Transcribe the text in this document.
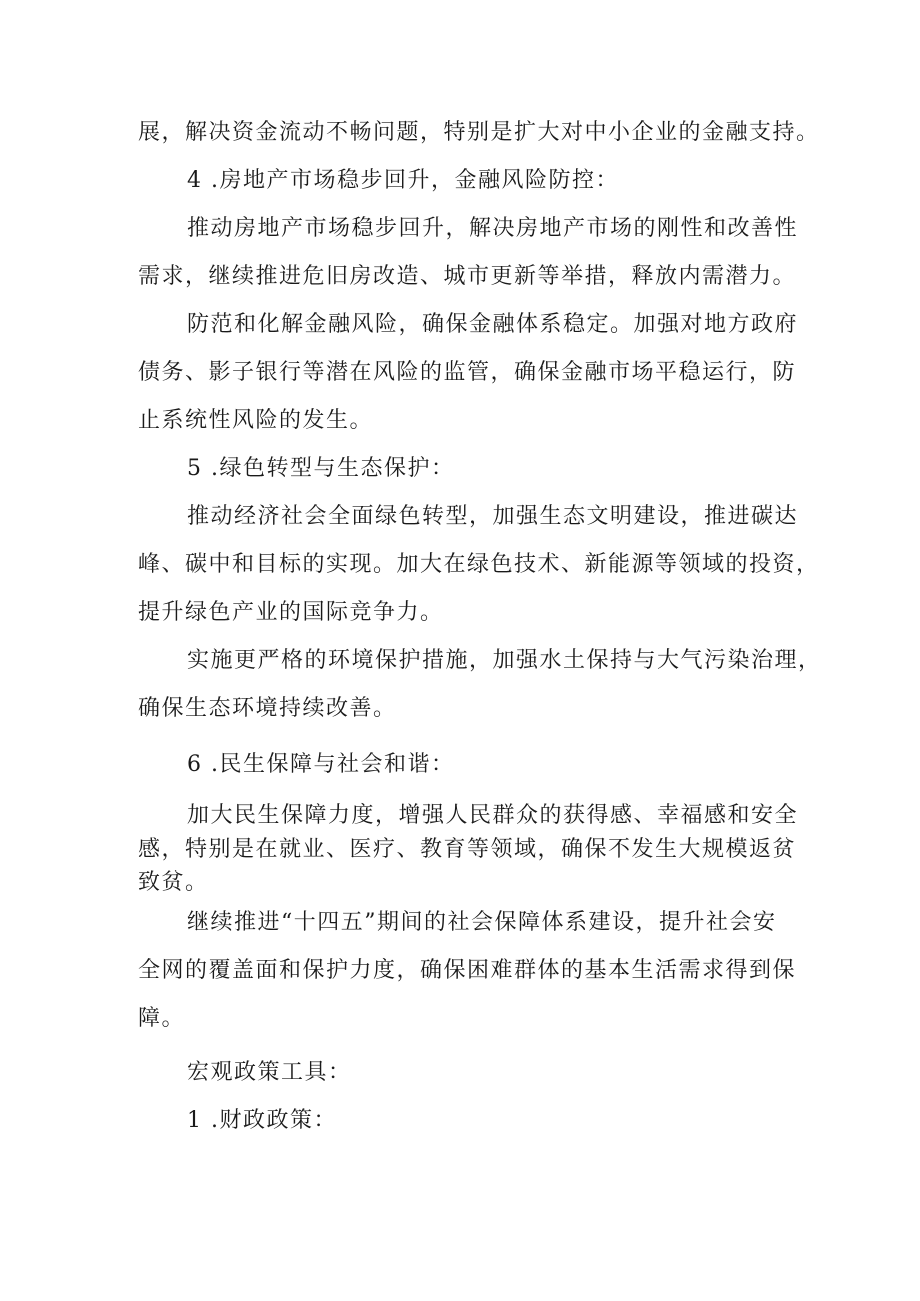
展，解决资金流动不畅问题，特别是扩大对中小企业的金融支持。
4 .房地产市场稳步回升，金融风险防控：
推动房地产市场稳步回升，解决房地产市场的刚性和改善性
需求，继续推进危旧房改造、城市更新等举措，释放内需潜力。
防范和化解金融风险，确保金融体系稳定。加强对地方政府
债务、影子银行等潜在风险的监管，确保金融市场平稳运行，防
止系统性风险的发生。
5 .绿色转型与生态保护：
推动经济社会全面绿色转型，加强生态文明建设，推进碳达
峰、碳中和目标的实现。加大在绿色技术、新能源等领域的投资，
提升绿色产业的国际竞争力。
实施更严格的环境保护措施，加强水土保持与大气污染治理，
确保生态环境持续改善。
6 .民生保障与社会和谐：
加大民生保障力度，增强人民群众的获得感、幸福感和安全
感，特别是在就业、医疗、教育等领域，确保不发生大规模返贫
致贫。
继续推进“十四五”期间的社会保障体系建设，提升社会安
全网的覆盖面和保护力度，确保困难群体的基本生活需求得到保
障。
宏观政策工具：
1 .财政政策：
